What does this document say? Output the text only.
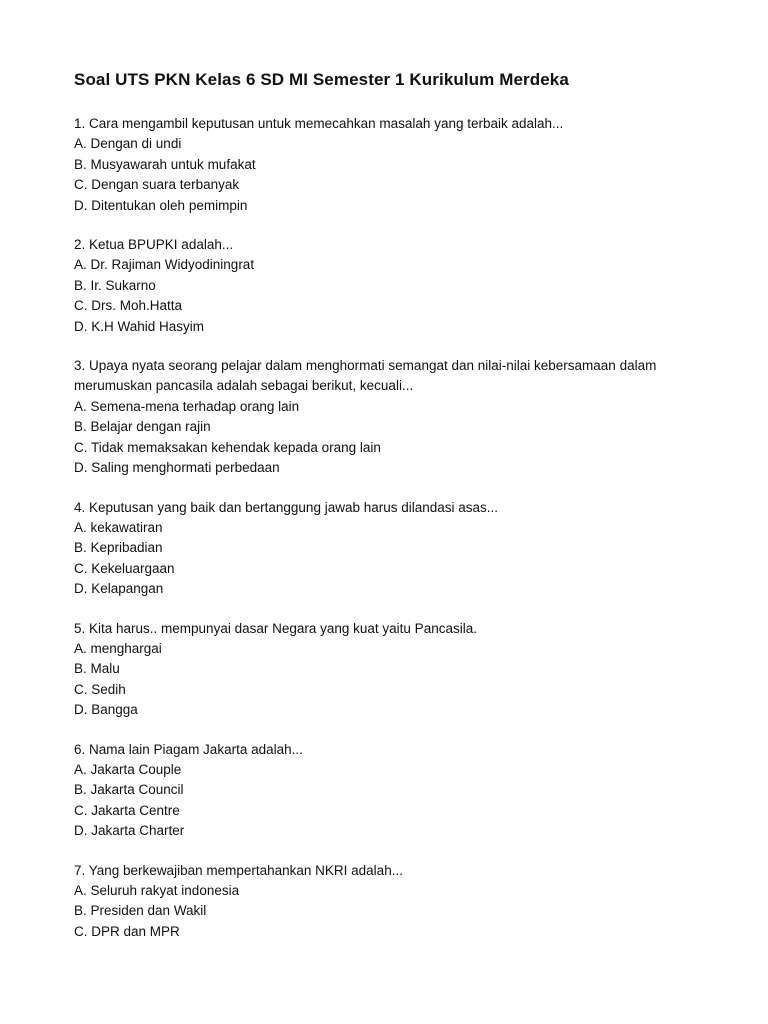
Soal UTS PKN Kelas 6 SD MI Semester 1 Kurikulum Merdeka

1. Cara mengambil keputusan untuk memecahkan masalah yang terbaik adalah...

A. Dengan di undi
B. Musyawarah untuk mufakat
C. Dengan suara terbanyak
D. Ditentukan oleh pemimpin

2. Ketua BPUPKI adalah...

A. Dr. Rajiman Widyodiningrat
B. Ir. Sukarno
C. Drs. Moh.Hatta
D. K.H Wahid Hasyim

3. Upaya nyata seorang pelajar dalam menghormati semangat dan nilai-nilai kebersamaan dalam merumuskan pancasila adalah sebagai berikut, kecuali...

A. Semena-mena terhadap orang lain
B. Belajar dengan rajin
C. Tidak memaksakan kehendak kepada orang lain
D. Saling menghormati perbedaan

4. Keputusan yang baik dan bertanggung jawab harus dilandasi asas...

A. kekawatiran
B. Kepribadian
C. Kekeluargaan
D. Kelapangan

5. Kita harus.. mempunyai dasar Negara yang kuat yaitu Pancasila.

A. menghargai
B. Malu
C. Sedih
D. Bangga

6. Nama lain Piagam Jakarta adalah...

A. Jakarta Couple
B. Jakarta Council
C. Jakarta Centre
D. Jakarta Charter

7. Yang berkewajiban mempertahankan NKRI adalah...

A. Seluruh rakyat indonesia
B. Presiden dan Wakil
C. DPR dan MPR
